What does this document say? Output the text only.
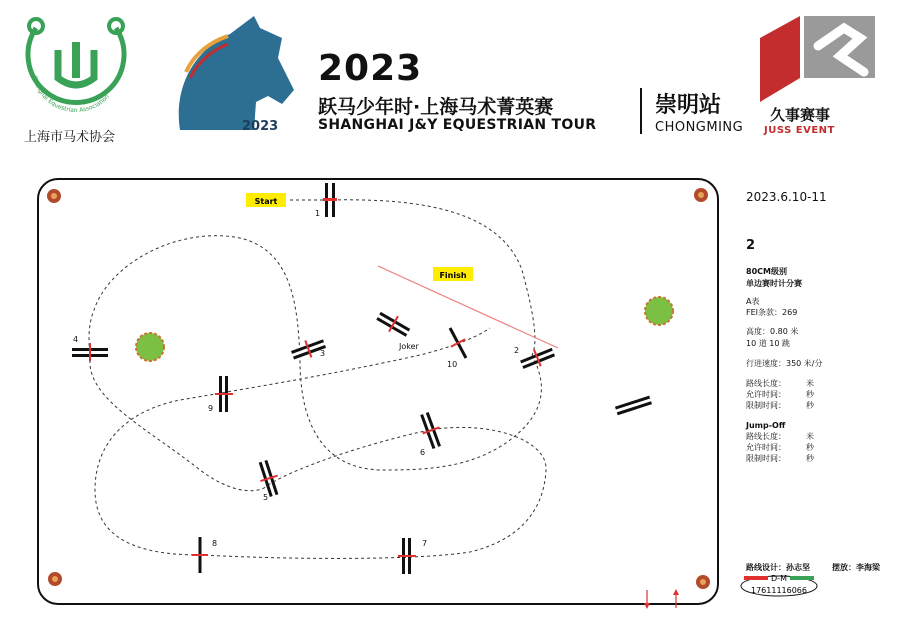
Shanghai Equestrian Association
上海市马术协会
2023
2023
跃马少年时·上海马术菁英赛
SHANGHAI J&Y EQUESTRIAN TOUR
崇明站
CHONGMING
久事赛事
JUSS EVENT
Start
Finish
1
2
3
4
5
6
7
8
9
10
Joker
D-M
17611116066
2023.6.10-11
2
80CM级别
单边赛时计分赛
A表
FEI条款：269
高度：0.80 米
10 道 10 跳
行进速度：350 米/分
路线长度：	米
允许时间：	秒
限制时间：	秒
Jump-Off
路线长度：	米
允许时间：	秒
限制时间：	秒
路线设计：孙志坚	摆放：李海梁
